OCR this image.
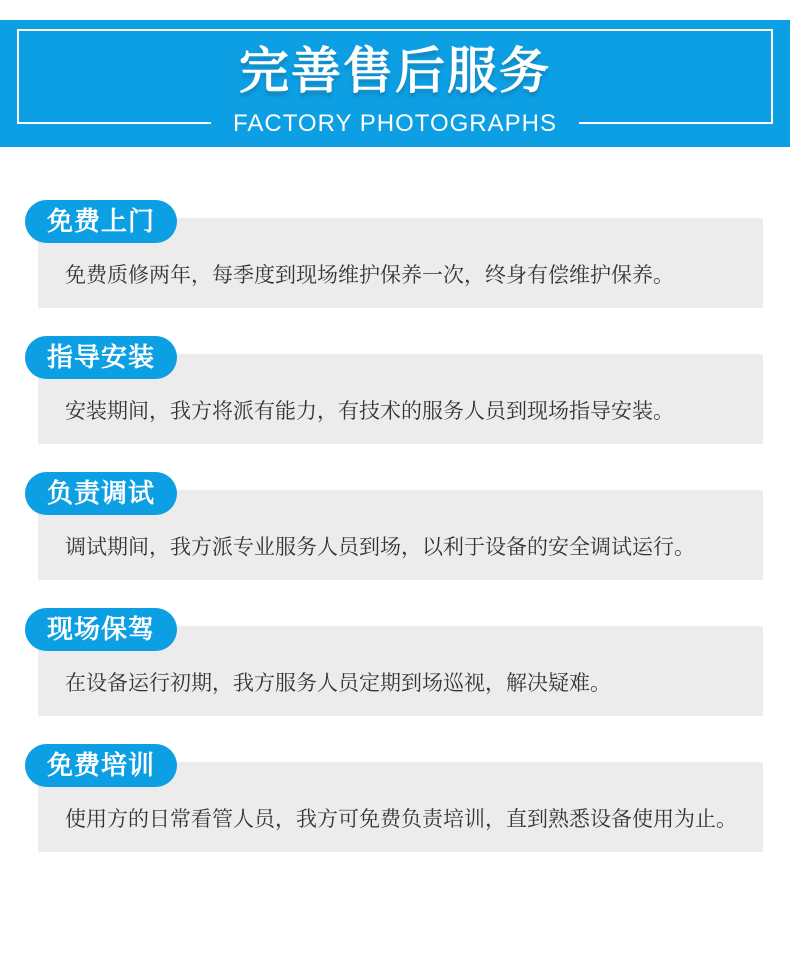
完善售后服务
FACTORY PHOTOGRAPHS
免费上门
免费质修两年，每季度到现场维护保养一次，终身有偿维护保养。
指导安装
安装期间，我方将派有能力，有技术的服务人员到现场指导安装。
负责调试
调试期间，我方派专业服务人员到场，以利于设备的安全调试运行。
现场保驾
在设备运行初期，我方服务人员定期到场巡视，解决疑难。
免费培训
使用方的日常看管人员，我方可免费负责培训，直到熟悉设备使用为止。
